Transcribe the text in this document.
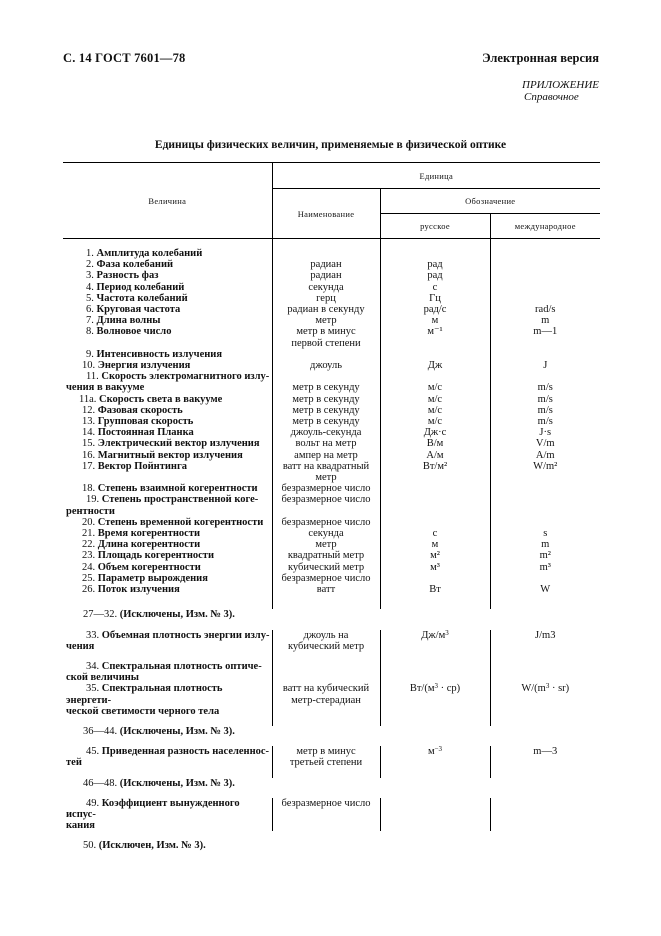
С. 14 ГОСТ 7601—78	Электронная версия
ПРИЛОЖЕНИЕ
Справочное
Единицы физических величин, применяемые в физической оптике
Величина	Единица		
	Наименование	Обозначение	
		русское	международное

1. Амплитуда колебаний			
2. Фаза колебаний	радиан	рад	
3. Разность фаз	радиан	рад	
4. Период колебаний	секунда	с	
5. Частота колебаний	герц	Гц	
6. Круговая частота	радиан в секунду	рад/с	rad/s
7. Длина волны	метр	м	m
8. Волновое число	метр в минус
первой степени	м⁻¹	m—1
9. Интенсивность излучения			
10. Энергия излучения	джоуль	Дж	J
11. Скорость электромагнитного излу-			
чения в вакууме	метр в секунду	м/с	m/s
11а. Скорость света в вакууме	метр в секунду	м/с	m/s
12. Фазовая скорость	метр в секунду	м/с	m/s
13. Групповая скорость	метр в секунду	м/с	m/s
14. Постоянная Планка	джоуль-секунда	Дж·с	J·s
15. Электрический вектор излучения	вольт на метр	В/м	V/m
16. Магнитный вектор излучения	ампер на метр	А/м	A/m
17. Вектор Пойнтинга	ватт на квадратный
метр	Вт/м²	W/m²
18. Степень взаимной когерентности	безразмерное число		
19. Степень пространственной коге-	безразмерное число		
рентности			
20. Степень временной когерентности	безразмерное число		
21. Время когерентности	секунда	с	s
22. Длина когерентности	метр	м	m
23. Площадь когерентности	квадратный метр	м²	m²
24. Объем когерентности	кубический метр	м³	m³
25. Параметр вырождения	безразмерное число		
26. Поток излучения	ватт	Вт	W

27—32. (Исключены, Изм. № 3).			

33. Объемная плотность энергии излу-
чения	джоуль на
кубический метр	$Дж/м^3$	J/m3

34. Спектральная плотность оптиче-
ской величины			
35. Спектральная плотность энергети-
ческой светимости черного тела	ватт на кубический
метр-стерадиан	$Вт/(м^3 \cdot ср)$	$W/(m^3 \cdot sr)$

36—44. (Исключены, Изм. № 3).			

45. Приведенная разность населеннос-
тей	метр в минус
третьей степени	$м^{-3}$	m—3

46—48. (Исключены, Изм. № 3).			

49. Коэффициент вынужденного испус-
кания	безразмерное число		

50. (Исключен, Изм. № 3).			
